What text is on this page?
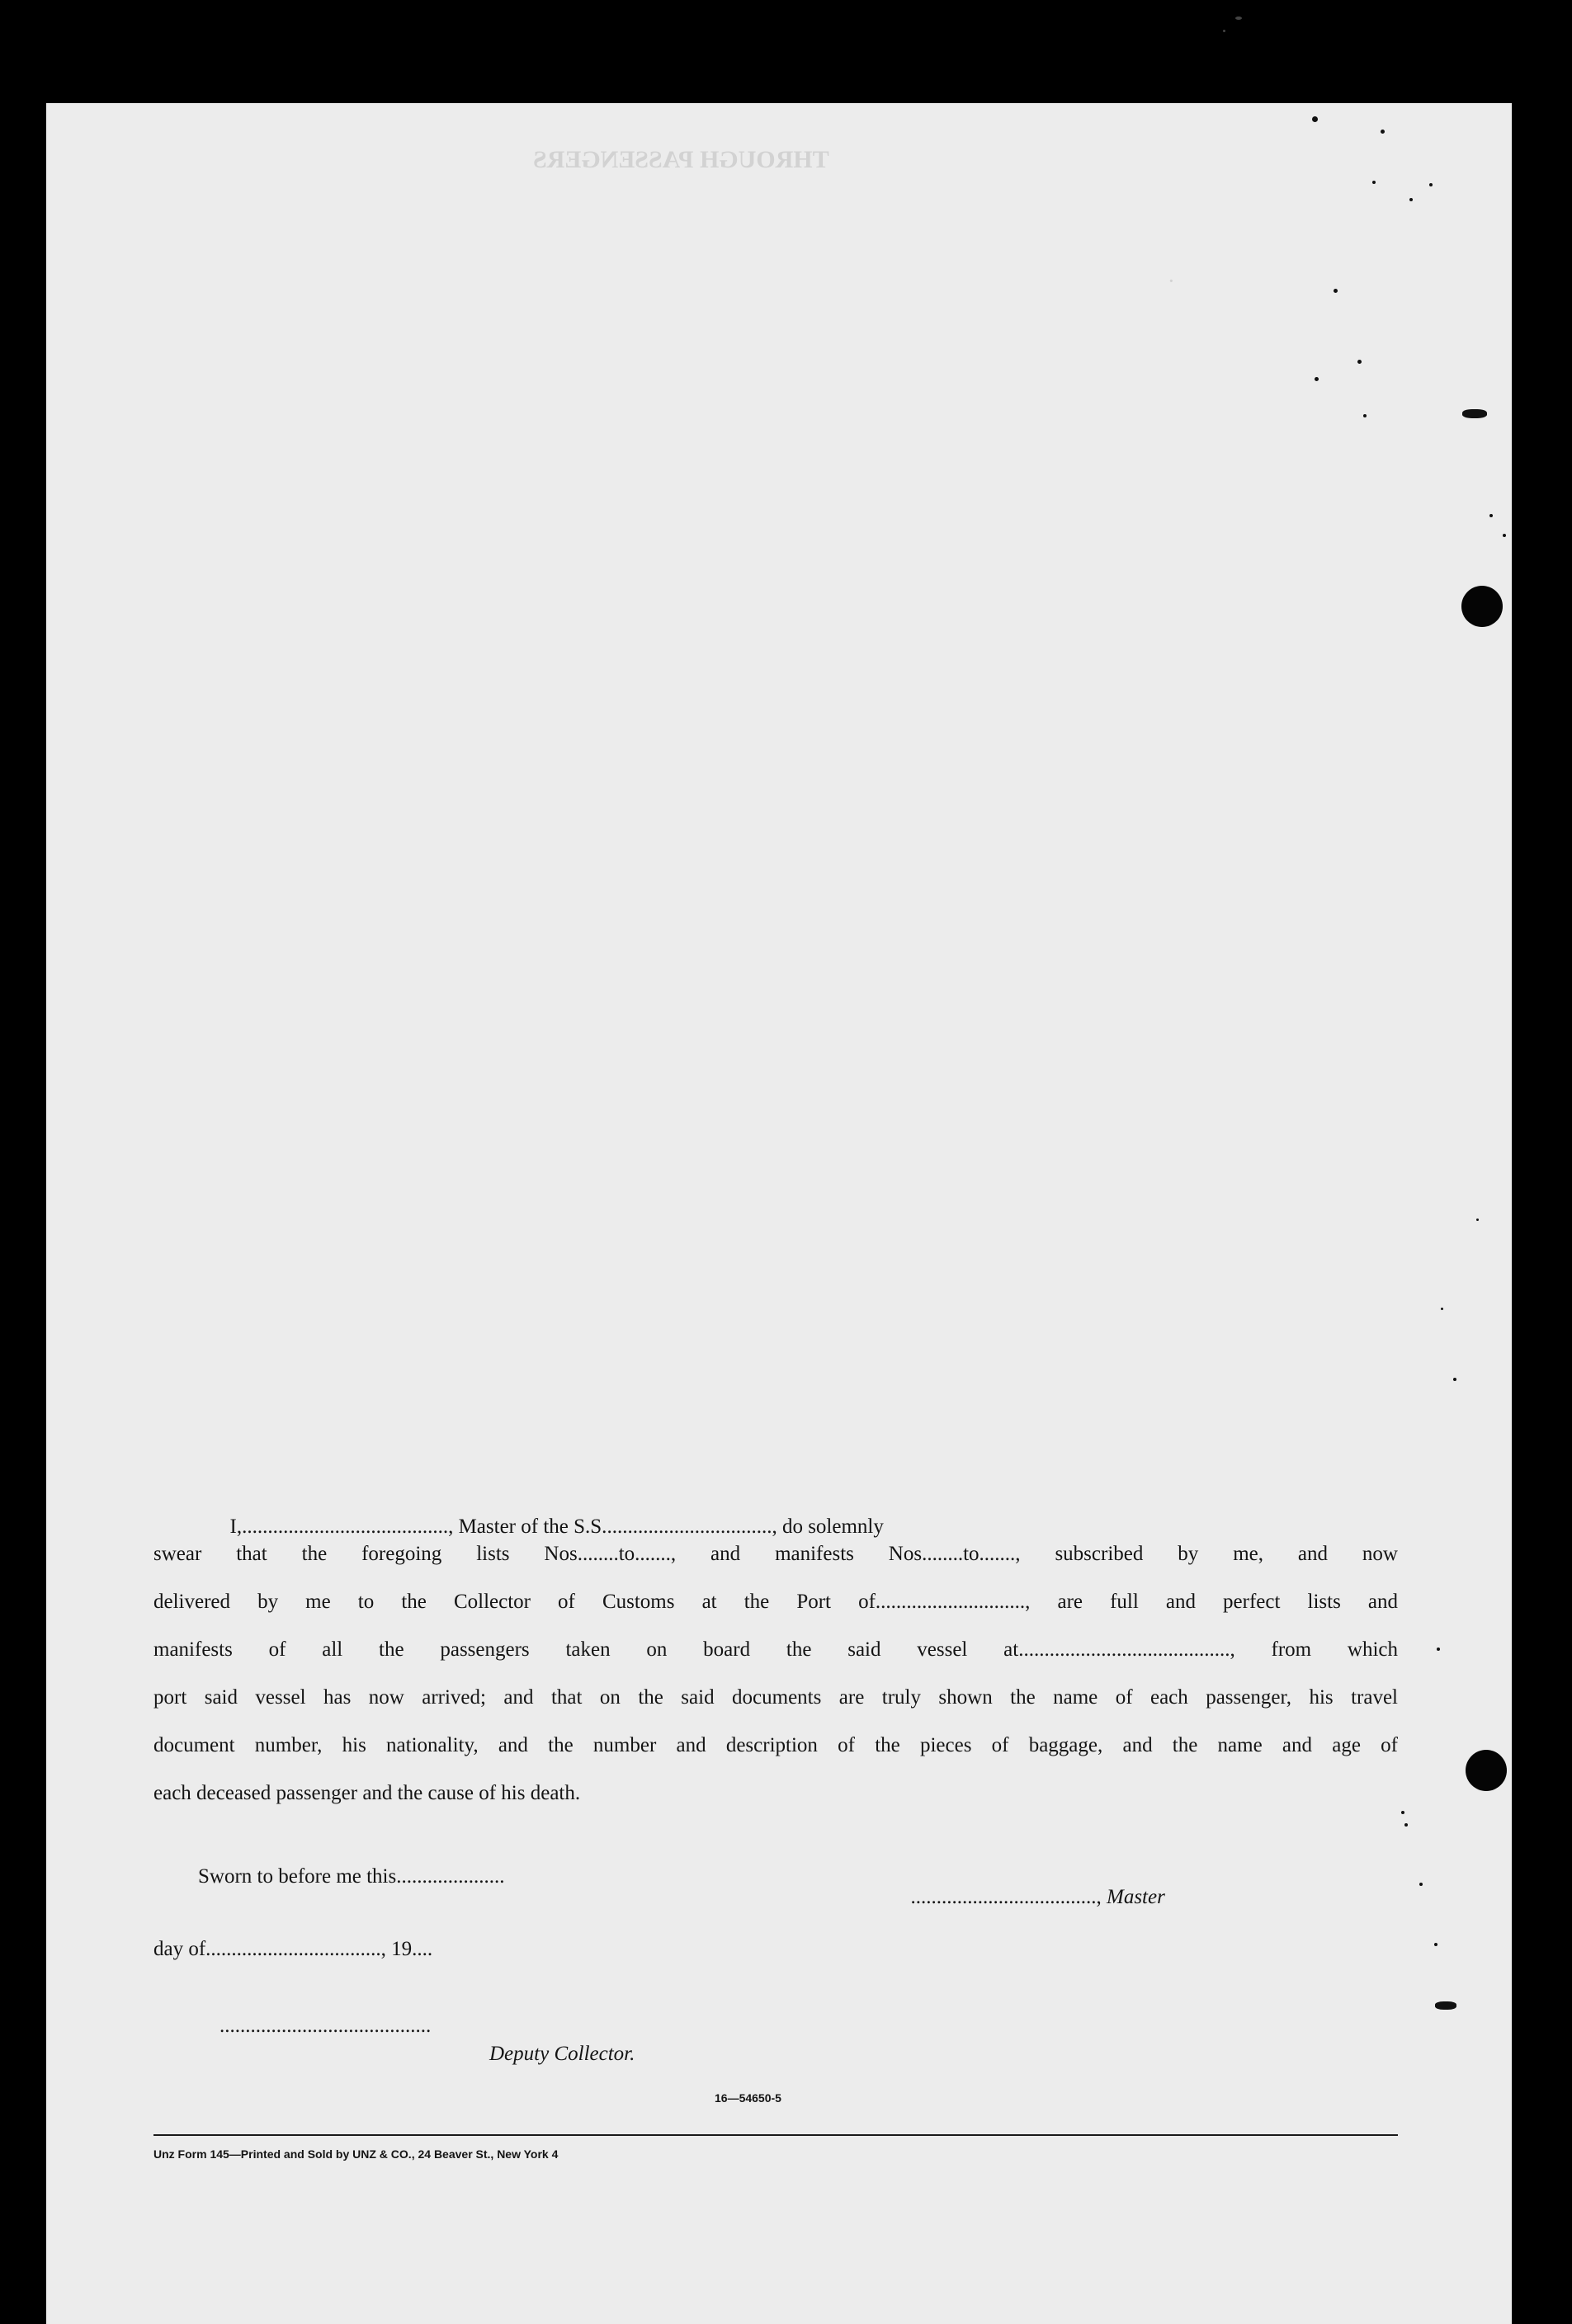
THROUGH PASSENGERS
·

I,........................................, Master of the S.S................................., do solemnly

swear that the foregoing lists Nos........to......., and manifests Nos........to......., subscribed by me, and now
delivered by me to the Collector of Customs at the Port of............................., are full and perfect lists and
manifests of all the passengers taken on board the said vessel at........................................., from which
port said vessel has now arrived; and that on the said documents are truly shown the name of each passenger, his travel
document number, his nationality, and the number and description of the pieces of baggage, and the name and age of
each deceased passenger and the cause of his death.
Sworn to before me this.....................

...................................., Master

day of.................................., 19....
.........................................
Deputy Collector.
16—54650-5
Unz Form 145—Printed and Sold by UNZ & CO., 24 Beaver St., New York 4
